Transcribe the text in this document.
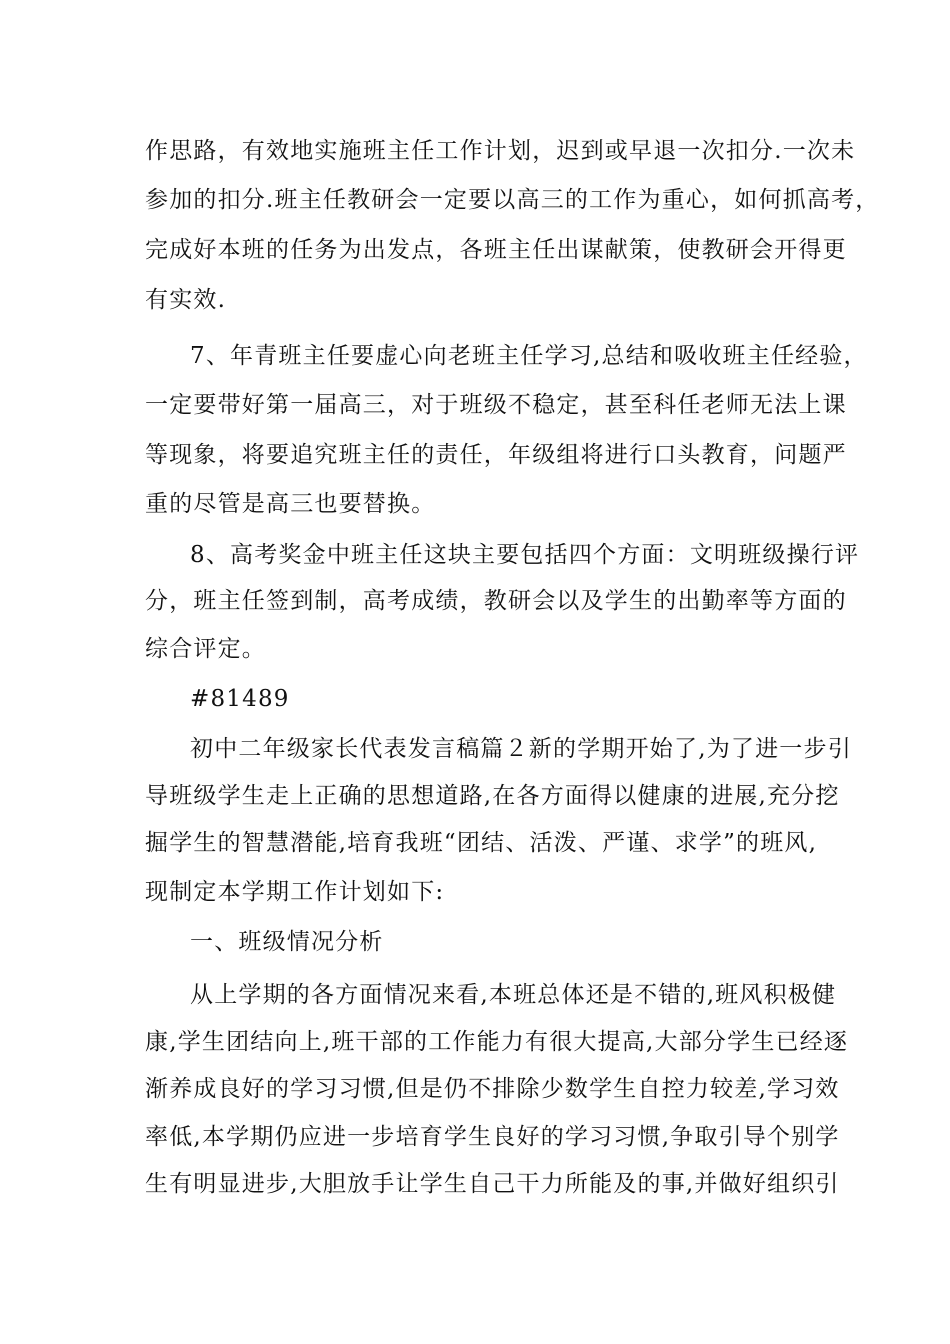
作思路，有效地实施班主任工作计划，迟到或早退一次扣分.一次未
参加的扣分.班主任教研会一定要以高三的工作为重心，如何抓高考，
完成好本班的任务为出发点，各班主任出谋献策，使教研会开得更
有实效.
7、年青班主任要虚心向老班主任学习,总结和吸收班主任经验，
一定要带好第一届高三，对于班级不稳定，甚至科任老师无法上课
等现象，将要追究班主任的责任，年级组将进行口头教育，问题严
重的尽管是高三也要替换。
8、高考奖金中班主任这块主要包括四个方面：文明班级操行评
分，班主任签到制，高考成绩，教研会以及学生的出勤率等方面的
综合评定。
#81489
初中二年级家长代表发言稿篇２新的学期开始了,为了进一步引
导班级学生走上正确的思想道路,在各方面得以健康的进展,充分挖
掘学生的智慧潜能,培育我班“团结、活泼、严谨、求学”的班风,
现制定本学期工作计划如下:
一、班级情况分析
从上学期的各方面情况来看,本班总体还是不错的,班风积极健
康,学生团结向上,班干部的工作能力有很大提高,大部分学生已经逐
渐养成良好的学习习惯,但是仍不排除少数学生自控力较差,学习效
率低,本学期仍应进一步培育学生良好的学习习惯,争取引导个别学
生有明显进步,大胆放手让学生自己干力所能及的事,并做好组织引
